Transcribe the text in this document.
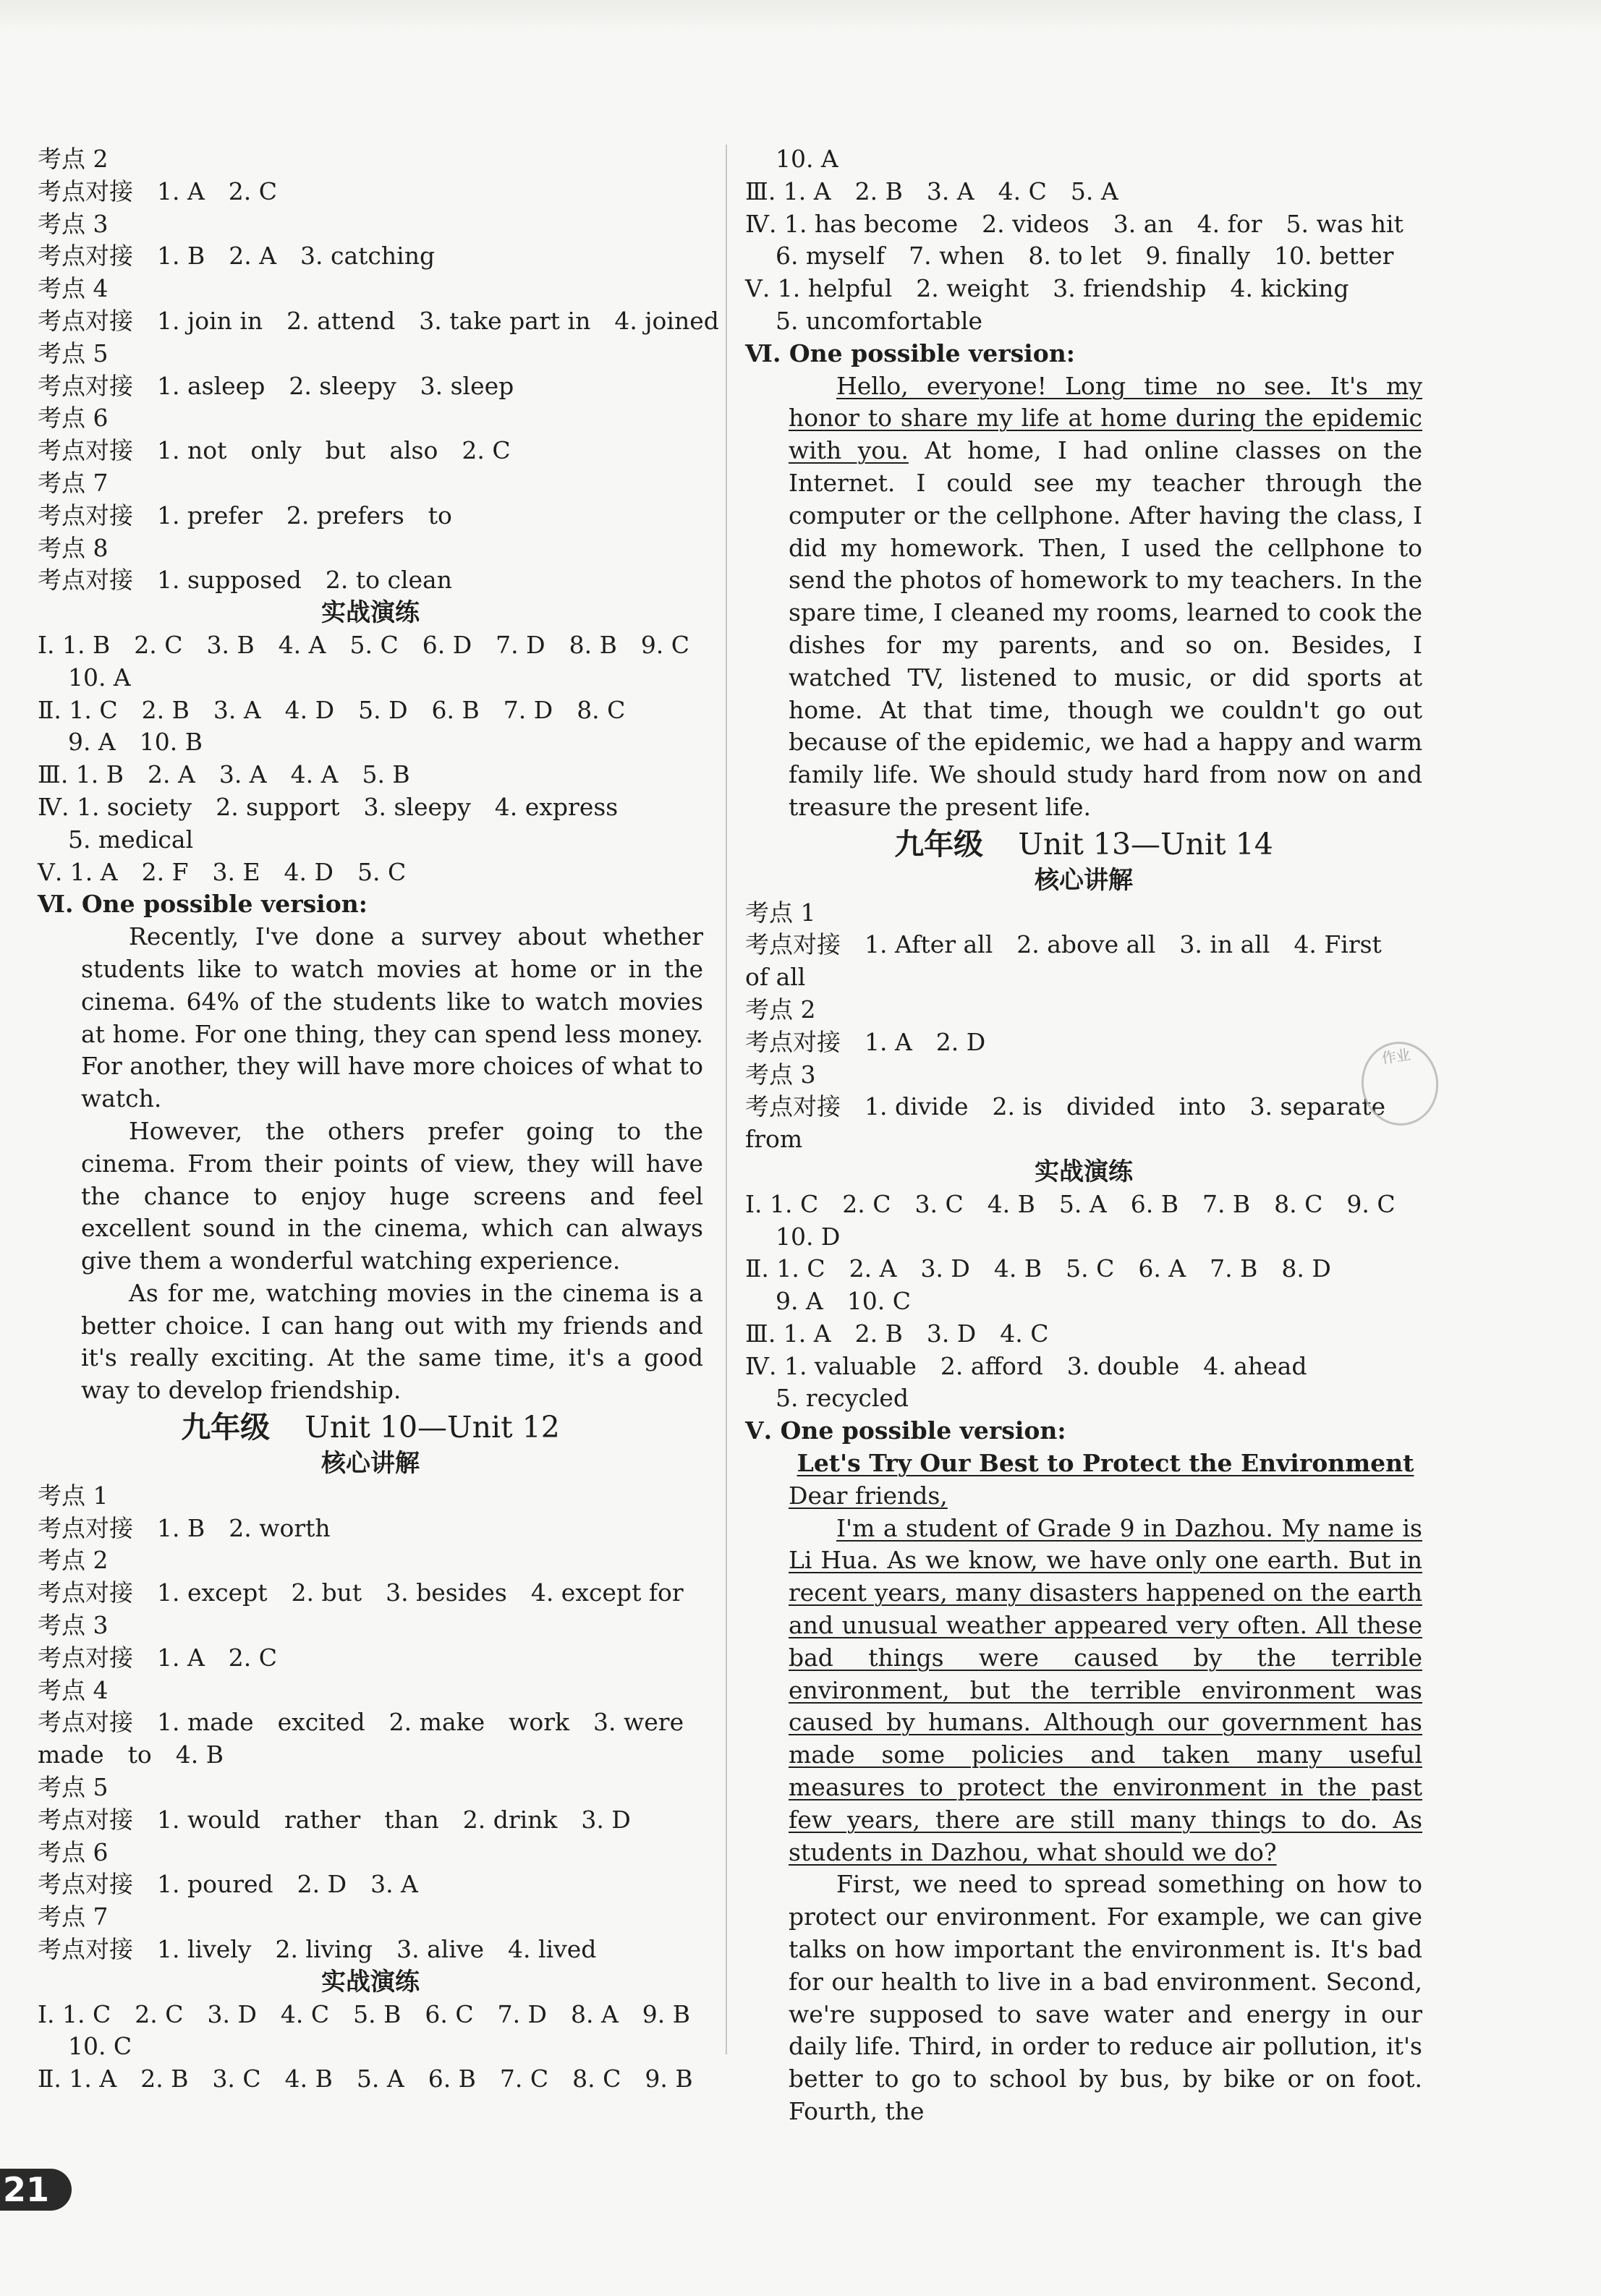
考点 2
考点对接　1. A　2. C
考点 3
考点对接　1. B　2. A　3. catching
考点 4
考点对接　1. join in　2. attend　3. take part in　4. joined
考点 5
考点对接　1. asleep　2. sleepy　3. sleep
考点 6
考点对接　1. not　only　but　also　2. C
考点 7
考点对接　1. prefer　2. prefers　to
考点 8
考点对接　1. supposed　2. to clean
实战演练
Ⅰ. 1. B　2. C　3. B　4. A　5. C　6. D　7. D　8. B　9. C
10. A
Ⅱ. 1. C　2. B　3. A　4. D　5. D　6. B　7. D　8. C
9. A　10. B
Ⅲ. 1. B　2. A　3. A　4. A　5. B
Ⅳ. 1. society　2. support　3. sleepy　4. express
5. medical
Ⅴ. 1. A　2. F　3. E　4. D　5. C
Ⅵ. One possible version:

Recently, I've done a survey about whether students like to watch movies at home or in the cinema. 64% of the students like to watch movies at home. For one thing, they can spend less money. For another, they will have more choices of what to watch.

However, the others prefer going to the cinema. From their points of view, they will have the chance to enjoy huge screens and feel excellent sound in the cinema, which can always give them a wonderful watching experience.

As for me, watching movies in the cinema is a better choice. I can hang out with my friends and it's really exciting. At the same time, it's a good way to develop friendship.

九年级 Unit 10—Unit 12
核心讲解
考点 1
考点对接　1. B　2. worth
考点 2
考点对接　1. except　2. but　3. besides　4. except for
考点 3
考点对接　1. A　2. C
考点 4
考点对接　1. made　excited　2. make　work　3. were
made　to　4. B
考点 5
考点对接　1. would　rather　than　2. drink　3. D
考点 6
考点对接　1. poured　2. D　3. A
考点 7
考点对接　1. lively　2. living　3. alive　4. lived
实战演练
Ⅰ. 1. C　2. C　3. D　4. C　5. B　6. C　7. D　8. A　9. B
10. C
Ⅱ. 1. A　2. B　3. C　4. B　5. A　6. B　7. C　8. C　9. B
10. A
Ⅲ. 1. A　2. B　3. A　4. C　5. A
Ⅳ. 1. has become　2. videos　3. an　4. for　5. was hit
6. myself　7. when　8. to let　9. finally　10. better
Ⅴ. 1. helpful　2. weight　3. friendship　4. kicking
5. uncomfortable
Ⅵ. One possible version:

Hello, everyone! Long time no see. It's my honor to share my life at home during the epidemic with you. At home, I had online classes on the Internet. I could see my teacher through the computer or the cellphone. After having the class, I did my homework. Then, I used the cellphone to send the photos of homework to my teachers. In the spare time, I cleaned my rooms, learned to cook the dishes for my parents, and so on. Besides, I watched TV, listened to music, or did sports at home. At that time, though we couldn't go out because of the epidemic, we had a happy and warm family life. We should study hard from now on and treasure the present life.

九年级 Unit 13—Unit 14
核心讲解
考点 1
考点对接　1. After all　2. above all　3. in all　4. First
of all
考点 2
考点对接　1. A　2. D
考点 3
考点对接　1. divide　2. is　divided　into　3. separate
from
实战演练
Ⅰ. 1. C　2. C　3. C　4. B　5. A　6. B　7. B　8. C　9. C
10. D
Ⅱ. 1. C　2. A　3. D　4. B　5. C　6. A　7. B　8. D
9. A　10. C
Ⅲ. 1. A　2. B　3. D　4. C
Ⅳ. 1. valuable　2. afford　3. double　4. ahead
5. recycled
Ⅴ. One possible version:

Let's Try Our Best to Protect the Environment

Dear friends,

I'm a student of Grade 9 in Dazhou. My name is Li Hua. As we know, we have only one earth. But in recent years, many disasters happened on the earth and unusual weather appeared very often. All these bad things were caused by the terrible environment, but the terrible environment was caused by humans. Although our government has made some policies and taken many useful measures to protect the environment in the past few years, there are still many things to do. As students in Dazhou, what should we do?

First, we need to spread something on how to protect our environment. For example, we can give talks on how important the environment is. It's bad for our health to live in a bad environment. Second, we're supposed to save water and energy in our daily life. Third, in order to reduce air pollution, it's better to go to school by bus, by bike or on foot. Fourth, the

作业
21
